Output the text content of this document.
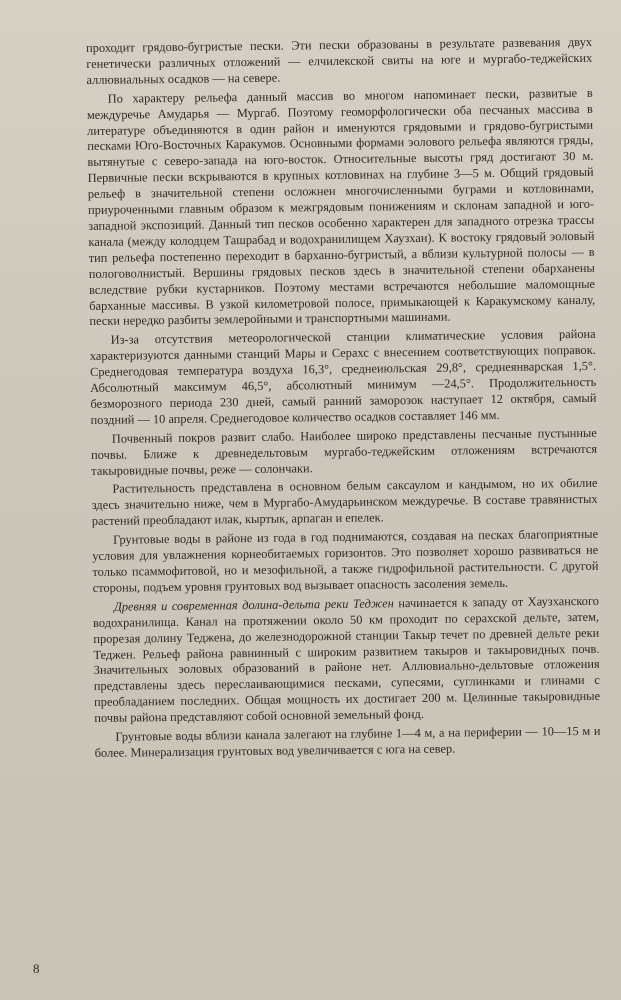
проходит грядово-бугристые пески. Эти пески образованы в результате развевания двух генетически различных отложений — елчилекской свиты на юге и мургабо-теджейских аллювиальных осадков — на севере.

По характеру рельефа данный массив во многом напоминает пески, развитые в междуречье Амударья — Мургаб. Поэтому геоморфологически оба песчаных массива в литературе объединяются в один район и именуются грядовыми и грядово-бугристыми песками Юго-Восточных Каракумов. Основными формами эолового рельефа являются гряды, вытянутые с северо-запада на юго-восток. Относительные высоты гряд достигают 30 м. Первичные пески вскрываются в крупных котловинах на глубине 3—5 м. Общий грядовый рельеф в значительной степени осложнен многочисленными буграми и котловинами, приуроченными главным образом к межгрядовым понижениям и склонам западной и юго-западной экспозиций. Данный тип песков особенно характерен для западного отрезка трассы канала (между колодцем Ташрабад и водохранилищем Хаузхан). К востоку грядовый эоловый тип рельефа постепенно переходит в барханно-бугристый, а вблизи культурной полосы — в пологоволнистый. Вершины грядовых песков здесь в значительной степени обарханены вследствие рубки кустарников. Поэтому местами встречаются небольшие маломощные барханные массивы. В узкой километровой полосе, примыкающей к Каракумскому каналу, пески нередко разбиты землеройными и транспортными машинами.

Из-за отсутствия метеорологической станции климатические условия района характеризуются данными станций Мары и Серахс с внесением соответствующих поправок. Среднегодовая температура воздуха 16,3°, среднеиюльская 29,8°, среднеянварская 1,5°. Абсолютный максимум 46,5°, абсолютный минимум —24,5°. Продолжительность безморозного периода 230 дней, самый ранний заморозок наступает 12 октября, самый поздний — 10 апреля. Среднегодовое количество осадков составляет 146 мм.

Почвенный покров развит слабо. Наиболее широко представлены песчаные пустынные почвы. Ближе к древнедельтовым мургабо-теджейским отложениям встречаются такыровидные почвы, реже — солончаки.

Растительность представлена в основном белым саксаулом и кандымом, но их обилие здесь значительно ниже, чем в Мургабо-Амударьинском междуречье. В составе травянистых растений преобладают илак, кыртык, арпаган и епелек.

Грунтовые воды в районе из года в год поднимаются, создавая на песках благоприятные условия для увлажнения корнеобитаемых горизонтов. Это позволяет хорошо развиваться не только псаммофитовой, но и мезофильной, а также гидрофильной растительности. С другой стороны, подъем уровня грунтовых вод вызывает опасность засоления земель.

Древняя и современная долина-дельта реки Теджен начинается к западу от Хаузханского водохранилища. Канал на протяжении около 50 км проходит по серахской дельте, затем, прорезая долину Теджена, до железнодорожной станции Такыр течет по древней дельте реки Теджен. Рельеф района равнинный с широким развитием такыров и такыровидных почв. Значительных эоловых образований в районе нет. Аллювиально-дельтовые отложения представлены здесь переслаивающимися песками, супесями, суглинками и глинами с преобладанием последних. Общая мощность их достигает 200 м. Целинные такыровидные почвы района представляют собой основной земельный фонд.

Грунтовые воды вблизи канала залегают на глубине 1—4 м, а на периферии — 10—15 м и более. Минерализация грунтовых вод увеличивается с юга на север.

8
